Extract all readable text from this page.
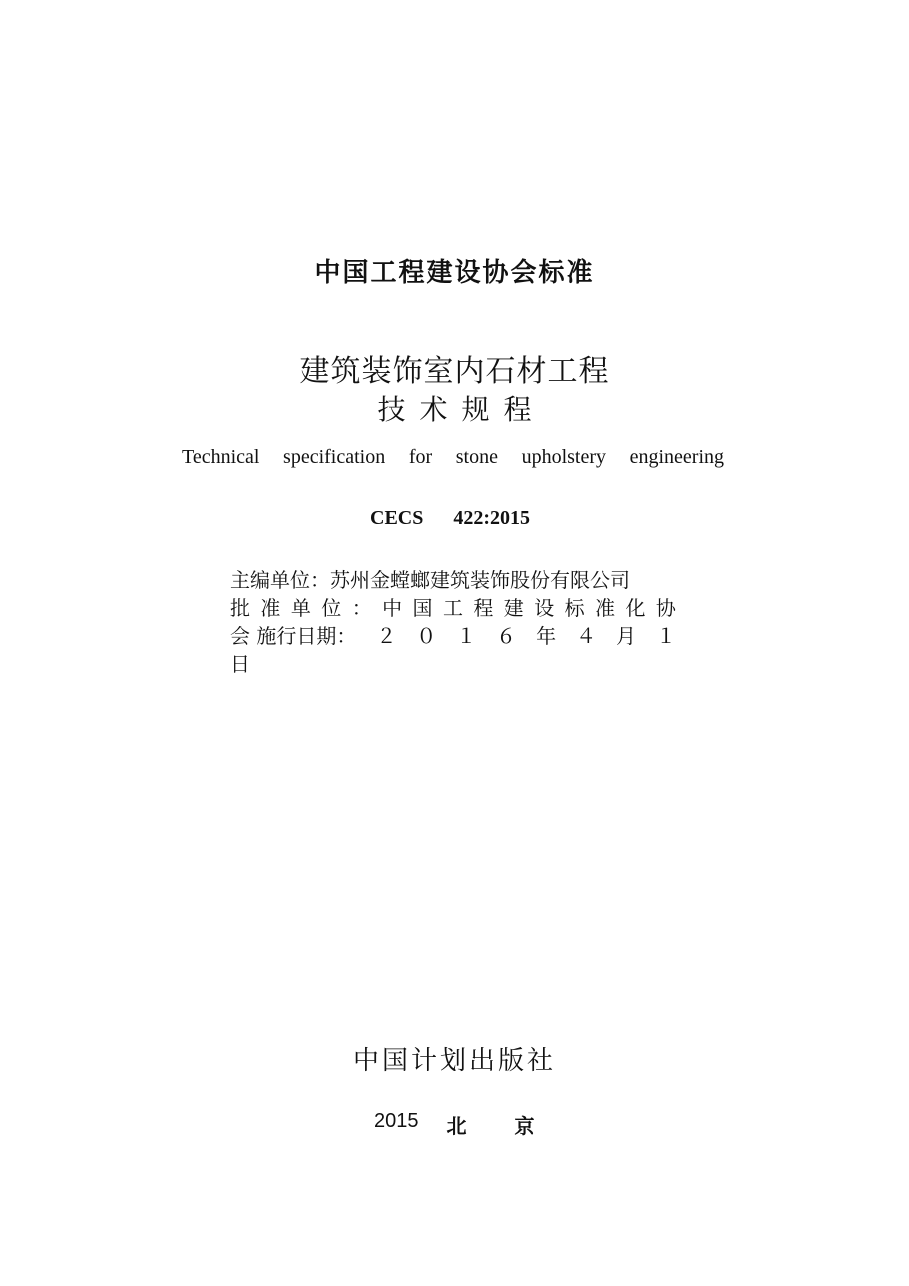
中国工程建设协会标准
建筑装饰室内石材工程
技术规程
Technical specification for stone upholstery engineering
CECS 422:2015
主编单位：苏州金螳螂建筑装饰股份有限公司
批 准 单 位 ： 中 国 工 程 建 设 标 准 化 协
会 施行日期： ２ ０ １ ６ 年 ４ 月 １
日
中国计划出版社
2015 北京
